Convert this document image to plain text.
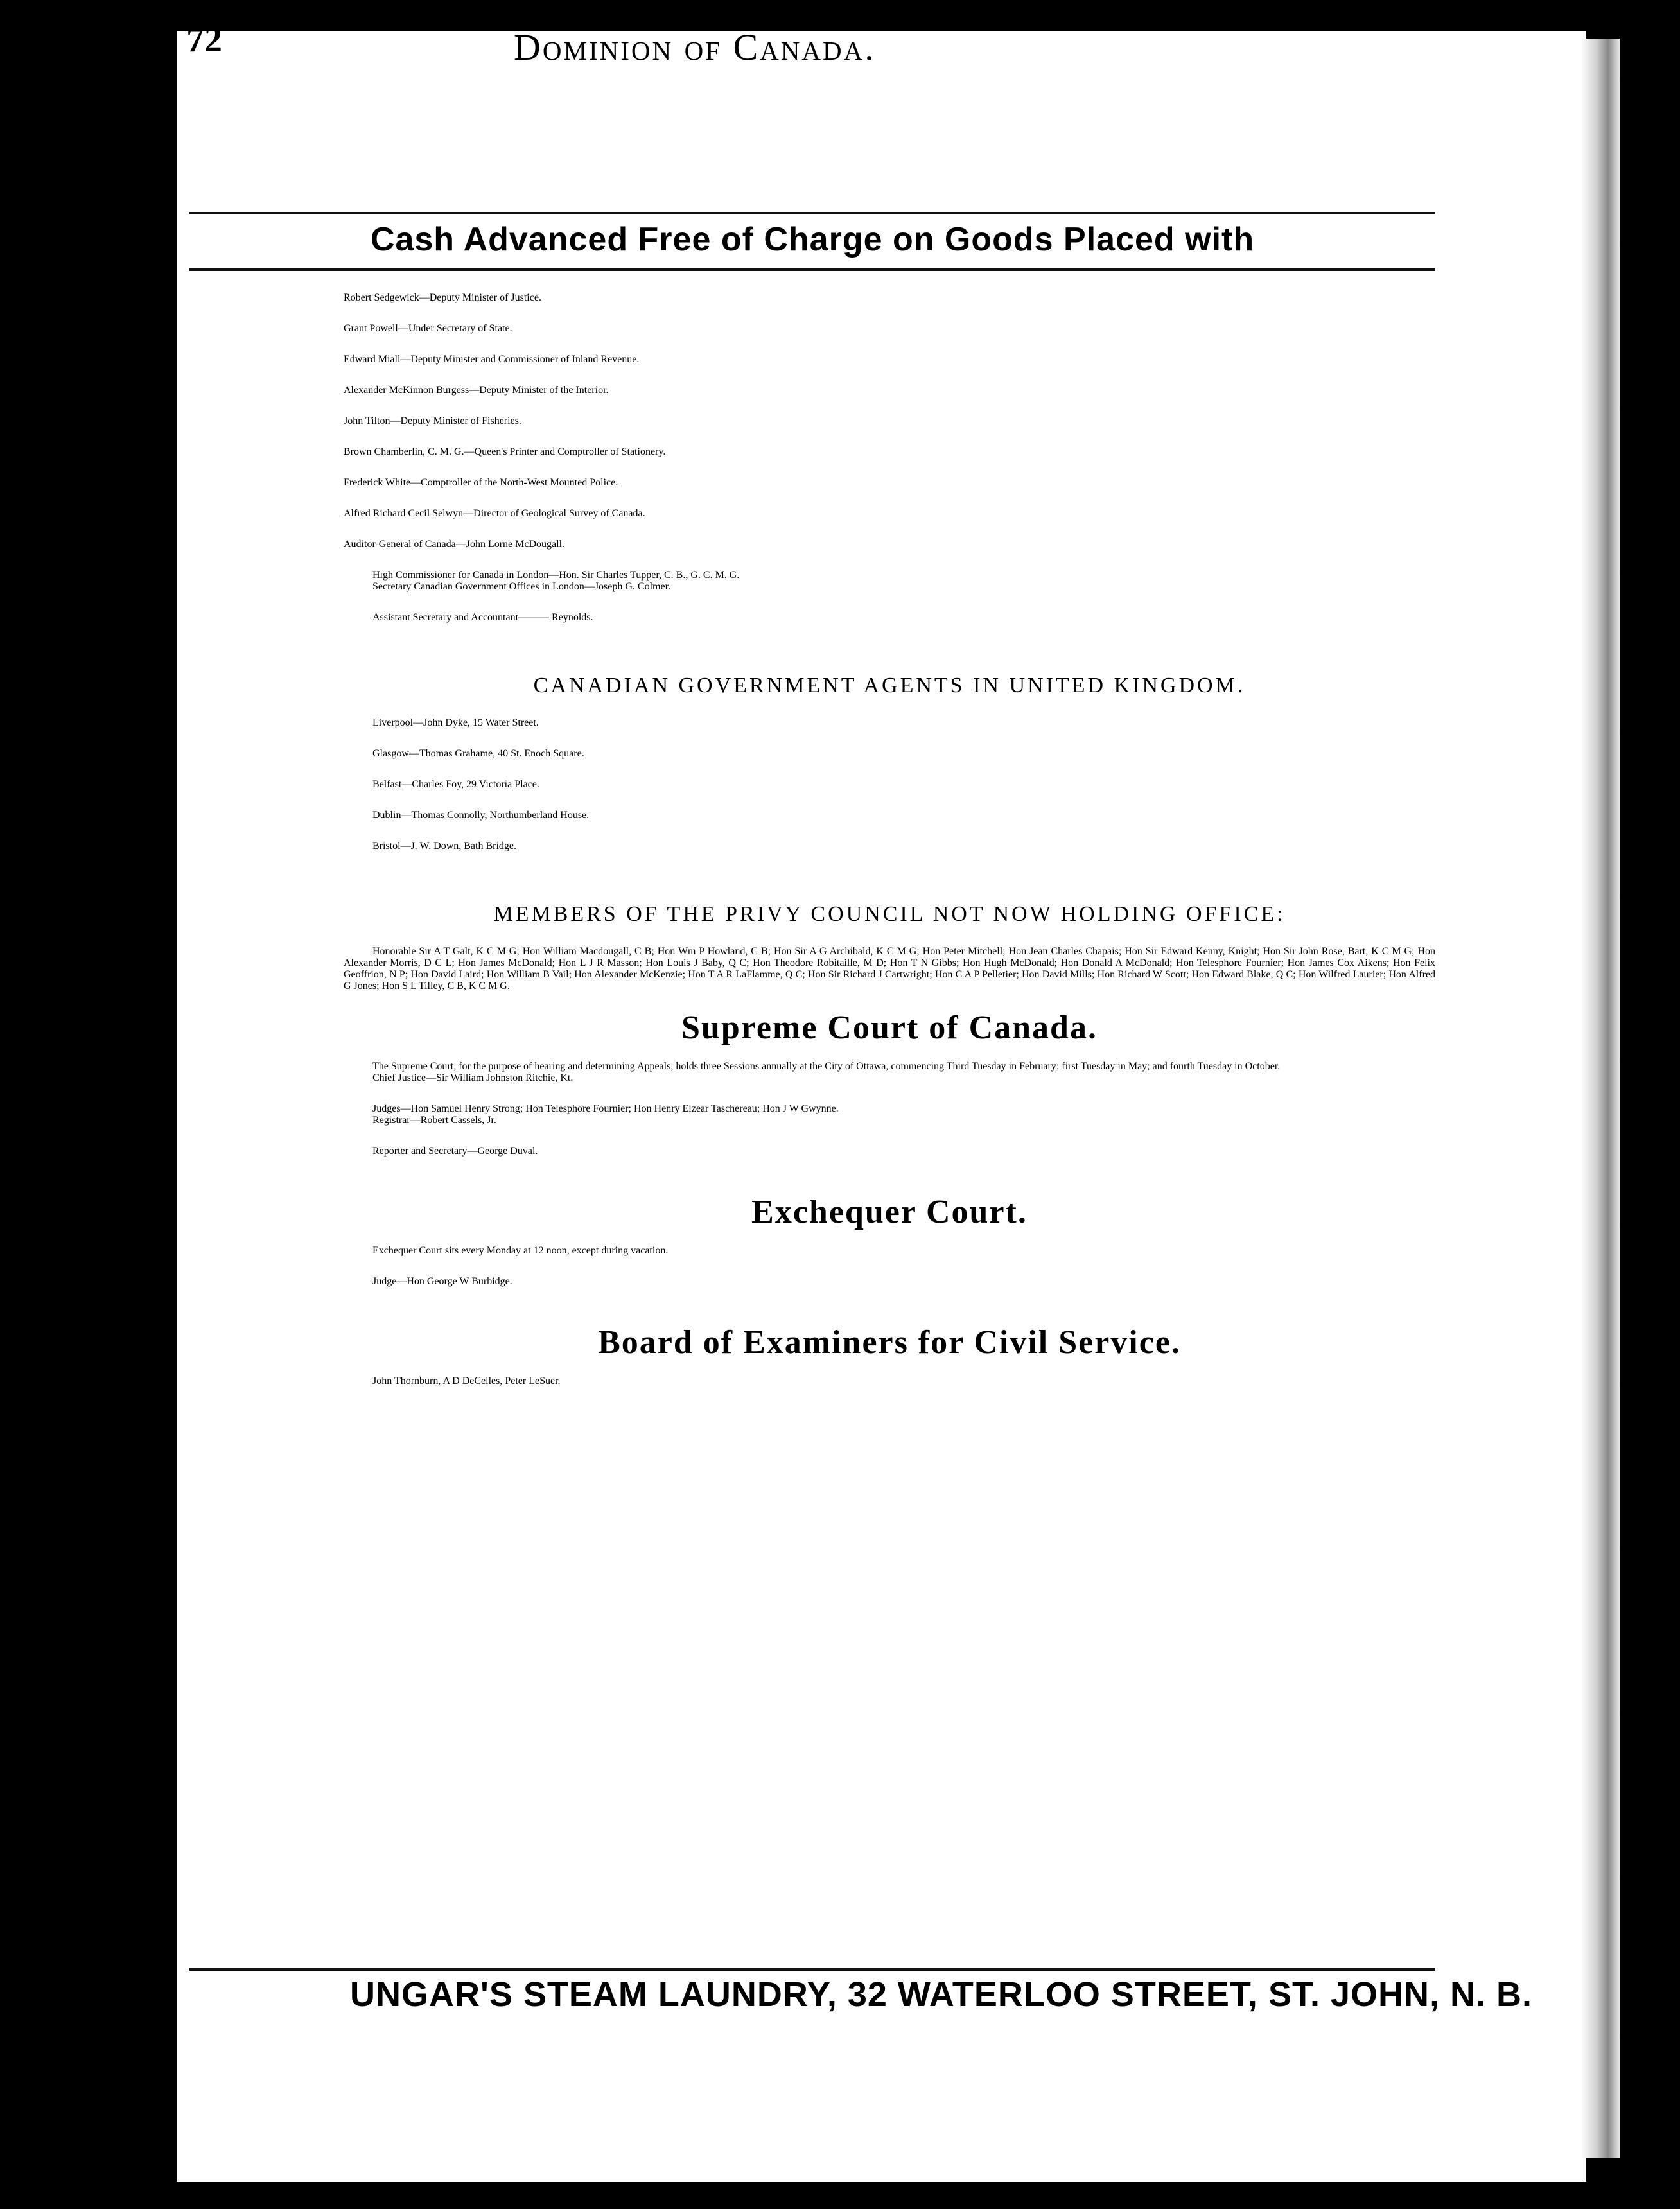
72	Dominion of Canada.
Cash Advanced Free of Charge on Goods Placed with
Robert Sedgewick—Deputy Minister of Justice.
Grant Powell—Under Secretary of State.
Edward Miall—Deputy Minister and Commissioner of Inland Revenue.
Alexander McKinnon Burgess—Deputy Minister of the Interior.
John Tilton—Deputy Minister of Fisheries.
Brown Chamberlin, C. M. G.—Queen's Printer and Comptroller of Stationery.
Frederick White—Comptroller of the North-West Mounted Police.
Alfred Richard Cecil Selwyn—Director of Geological Survey of Canada.
Auditor-General of Canada—John Lorne McDougall.
High Commissioner for Canada in London—Hon. Sir Charles Tupper, C. B., G. C. M. G.
Secretary Canadian Government Offices in London—Joseph G. Colmer.
Assistant Secretary and Accountant——— Reynolds.
CANADIAN GOVERNMENT AGENTS IN UNITED KINGDOM.
Liverpool—John Dyke, 15 Water Street.
Glasgow—Thomas Grahame, 40 St. Enoch Square.
Belfast—Charles Foy, 29 Victoria Place.
Dublin—Thomas Connolly, Northumberland House.
Bristol—J. W. Down, Bath Bridge.
MEMBERS OF THE PRIVY COUNCIL NOT NOW HOLDING OFFICE:
Honorable Sir A T Galt, K C M G; Hon William Macdougall, C B; Hon Wm P Howland, C B; Hon Sir A G Archibald, K C M G; Hon Peter Mitchell; Hon Jean Charles Chapais; Hon Sir Edward Kenny, Knight; Hon Sir John Rose, Bart, K C M G; Hon Alexander Morris, D C L; Hon James McDonald; Hon L J R Masson; Hon Louis J Baby, Q C; Hon Theodore Robitaille, M D; Hon T N Gibbs; Hon Hugh McDonald; Hon Donald A McDonald; Hon Telesphore Fournier; Hon James Cox Aikens; Hon Felix Geoffrion, N P; Hon David Laird; Hon William B Vail; Hon Alexander McKenzie; Hon T A R LaFlamme, Q C; Hon Sir Richard J Cartwright; Hon C A P Pelletier; Hon David Mills; Hon Richard W Scott; Hon Edward Blake, Q C; Hon Wilfred Laurier; Hon Alfred G Jones; Hon S L Tilley, C B, K C M G.
Supreme Court of Canada.
The Supreme Court, for the purpose of hearing and determining Appeals, holds three Sessions annually at the City of Ottawa, commencing Third Tuesday in February; first Tuesday in May; and fourth Tuesday in October.
Chief Justice—Sir William Johnston Ritchie, Kt.
Judges—Hon Samuel Henry Strong; Hon Telesphore Fournier; Hon Henry Elzear Taschereau; Hon J W Gwynne.
Registrar—Robert Cassels, Jr.
Reporter and Secretary—George Duval.
Exchequer Court.
Exchequer Court sits every Monday at 12 noon, except during vacation.
Judge—Hon George W Burbidge.
Board of Examiners for Civil Service.
John Thornburn, A D DeCelles, Peter LeSuer.
UNGAR'S STEAM LAUNDRY, 32 WATERLOO STREET, ST. JOHN, N. B.
